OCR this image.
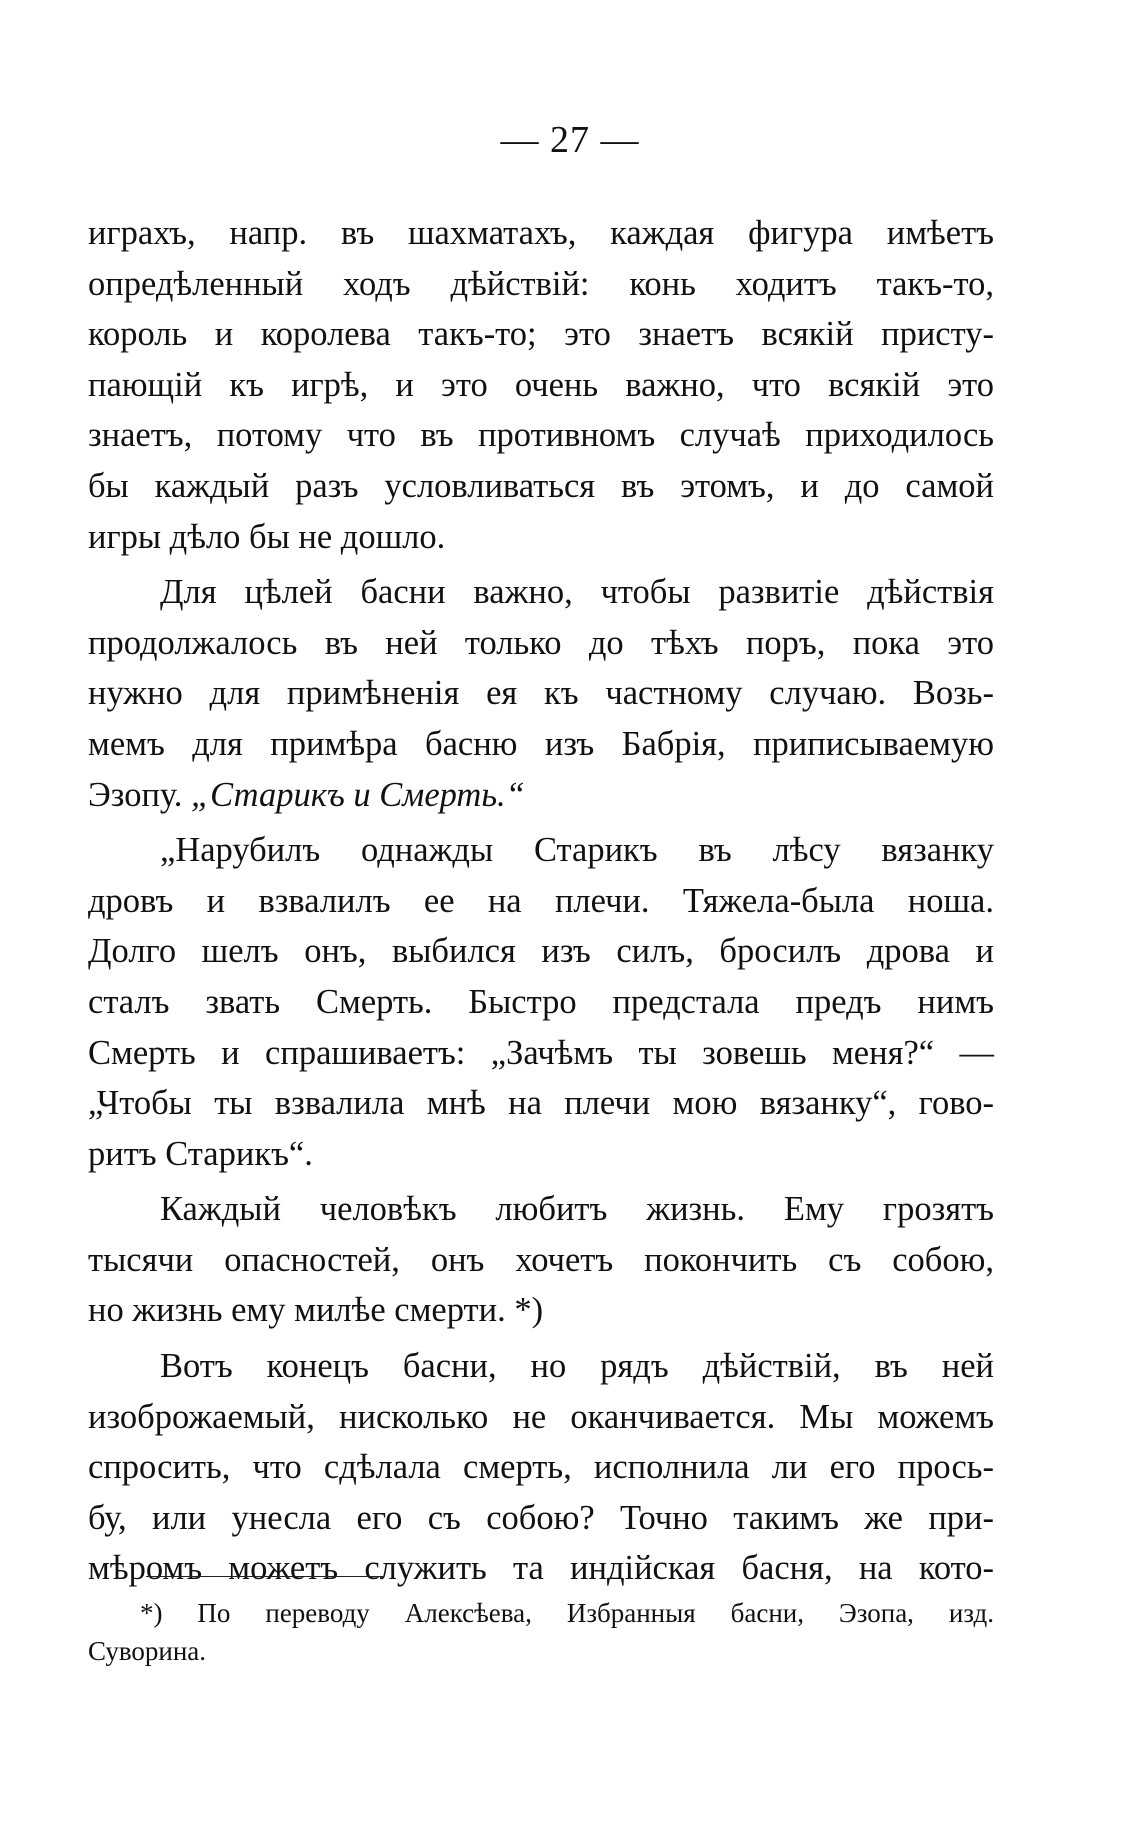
— 27 —
играхъ, напр. въ шахматахъ, каждая фигура имѣетъ
опредѣленный ходъ дѣйствій: конь ходитъ такъ-то,
король и королева такъ-то; это знаетъ всякій присту-
пающій къ игрѣ, и это очень важно, что всякій это
знаетъ, потому что въ противномъ случаѣ приходилось
бы каждый разъ условливаться въ этомъ, и до самой
игры дѣло бы не дошло.
Для цѣлей басни важно, чтобы развитіе дѣйствія
продолжалось въ ней только до тѣхъ поръ, пока это
нужно для примѣненія ея къ частному случаю. Возь-
мемъ для примѣра басню изъ Бабрія, приписываемую
Эзопу. „Старикъ и Смерть.“
„Нарубилъ однажды Старикъ въ лѣсу вязанку
дровъ и взвалилъ ее на плечи. Тяжела-была ноша.
Долго шелъ онъ, выбился изъ силъ, бросилъ дрова и
сталъ звать Смерть. Быстро предстала предъ нимъ
Смерть и спрашиваетъ: „Зачѣмъ ты зовешь меня?“ —
„Чтобы ты взвалила мнѣ на плечи мою вязанку“, гово-
ритъ Старикъ“.
Каждый человѣкъ любитъ жизнь. Ему грозятъ
тысячи опасностей, онъ хочетъ покончить съ собою,
но жизнь ему милѣе смерти. *)
Вотъ конецъ басни, но рядъ дѣйствій, въ ней
изоброжаемый, нисколько не оканчивается. Мы можемъ
спросить, что сдѣлала смерть, исполнила ли его прось-
бу, или унесла его съ собою? Точно такимъ же при-
мѣромъ можетъ служить та индійская басня, на кото-
*) По переводу Алексѣева, Избранныя басни, Эзопа, изд.
Суворина.
